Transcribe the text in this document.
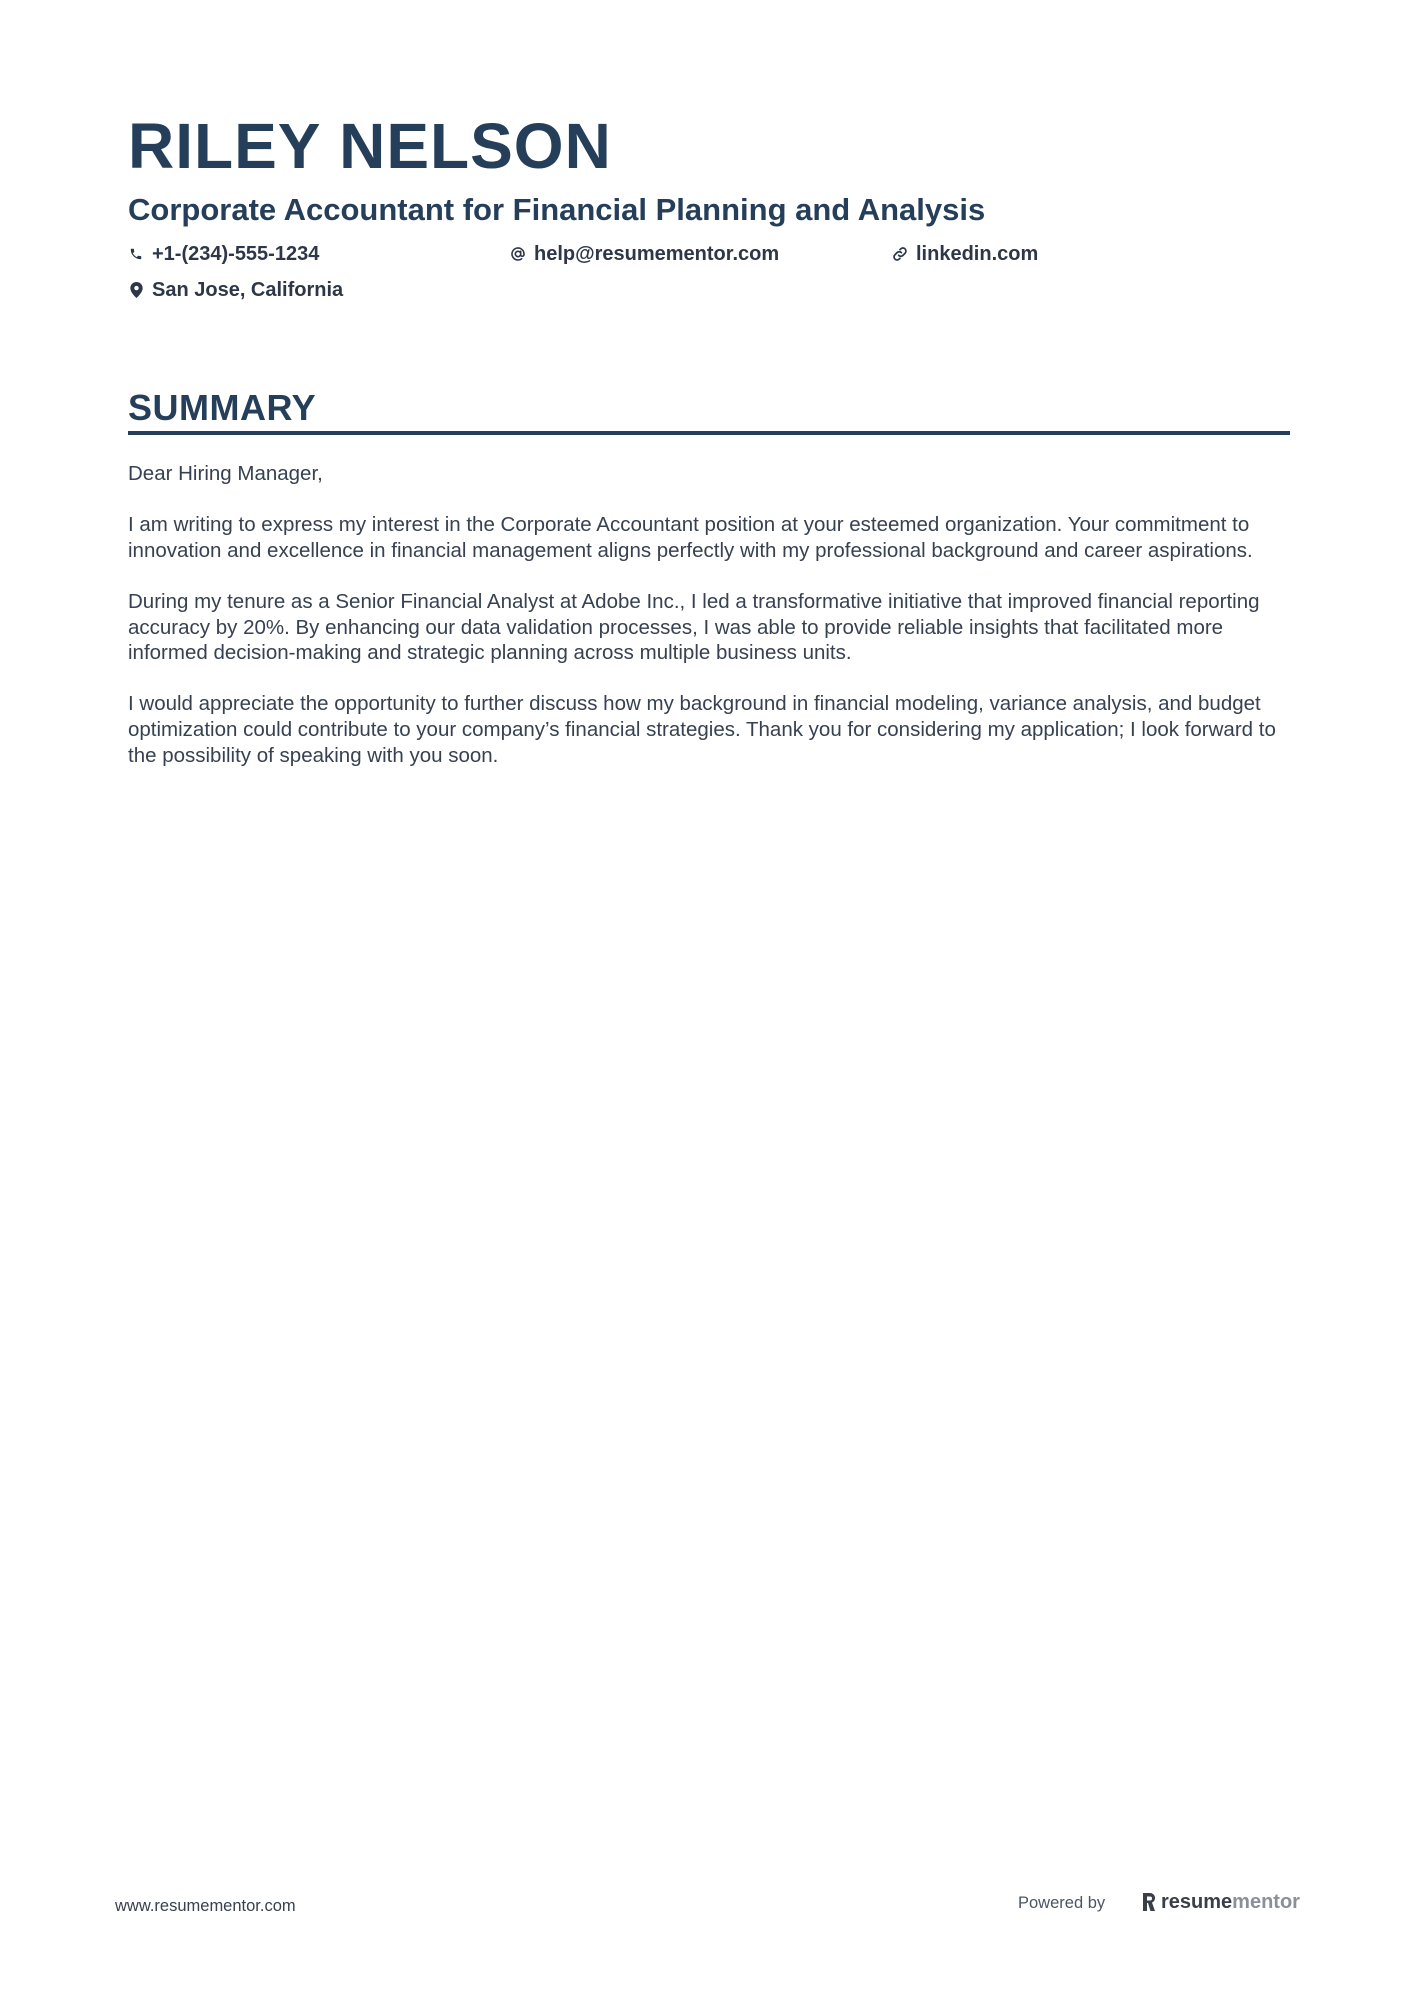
RILEY NELSON
Corporate Accountant for Financial Planning and Analysis
+1-(234)-555-1234	help@resumementor.com	linkedin.com
San Jose, California
SUMMARY

Dear Hiring Manager,

I am writing to express my interest in the Corporate Accountant position at your esteemed organization. Your commitment to innovation and excellence in financial management aligns perfectly with my professional background and career aspirations.

During my tenure as a Senior Financial Analyst at Adobe Inc., I led a transformative initiative that improved financial reporting accuracy by 20%. By enhancing our data validation processes, I was able to provide reliable insights that facilitated more informed decision-making and strategic planning across multiple business units.

I would appreciate the opportunity to further discuss how my background in financial modeling, variance analysis, and budget optimization could contribute to your company’s financial strategies. Thank you for considering my application; I look forward to the possibility of speaking with you soon.

www.resumementor.com	Powered by	resume mentor
